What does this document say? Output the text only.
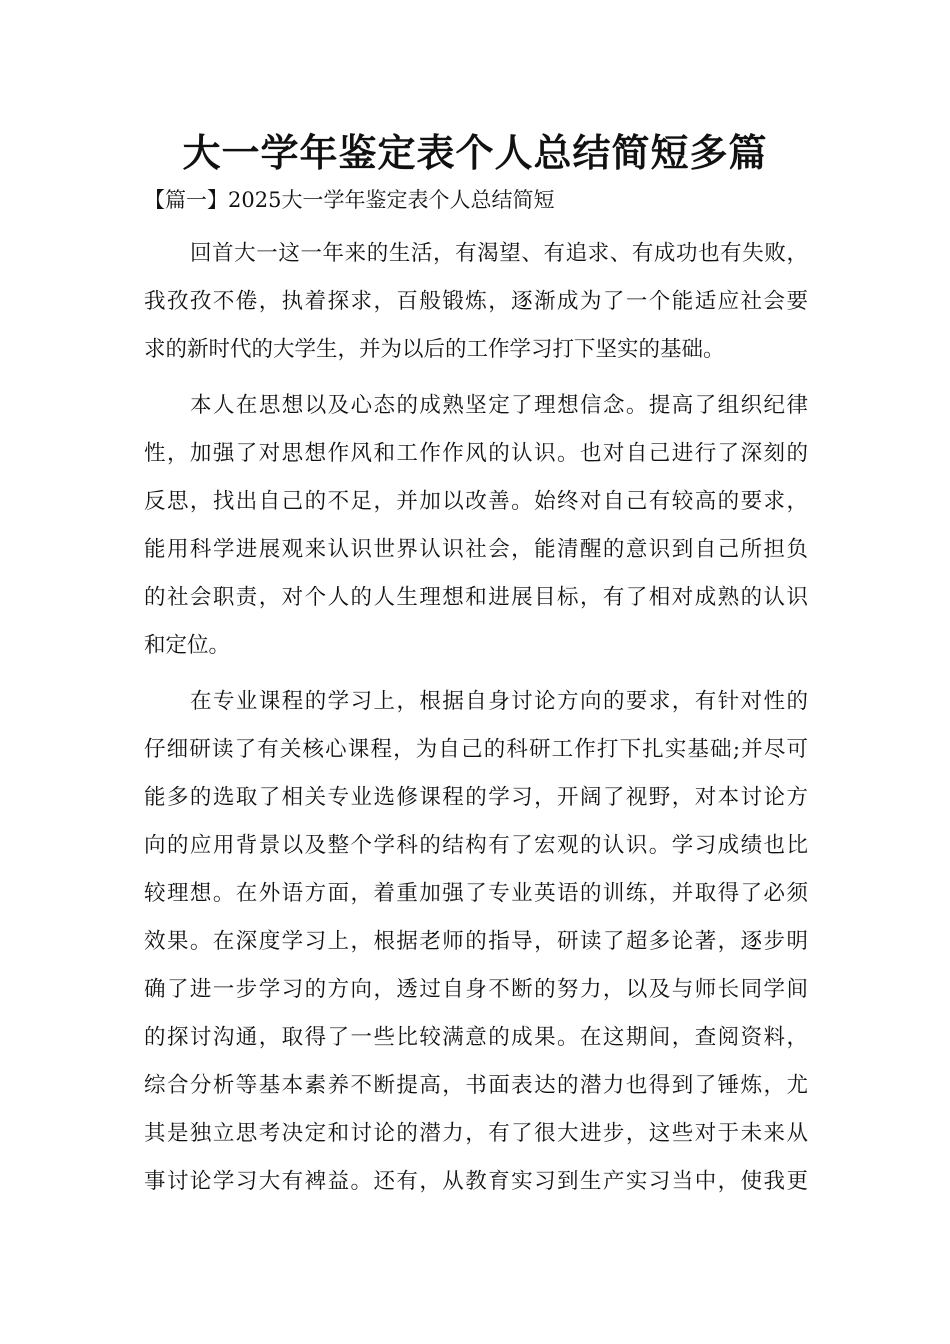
大一学年鉴定表个人总结简短多篇

【篇一】2025大一学年鉴定表个人总结简短

回首大一这一年来的生活，有渴望、有追求、有成功也有失败，
我孜孜不倦，执着探求，百般锻炼，逐渐成为了一个能适应社会要
求的新时代的大学生，并为以后的工作学习打下坚实的基础。

本人在思想以及心态的成熟坚定了理想信念。提高了组织纪律
性，加强了对思想作风和工作作风的认识。也对自己进行了深刻的
反思，找出自己的不足，并加以改善。始终对自己有较高的要求，
能用科学进展观来认识世界认识社会，能清醒的意识到自己所担负
的社会职责，对个人的人生理想和进展目标，有了相对成熟的认识
和定位。

在专业课程的学习上，根据自身讨论方向的要求，有针对性的
仔细研读了有关核心课程，为自己的科研工作打下扎实基础;并尽可
能多的选取了相关专业选修课程的学习，开阔了视野，对本讨论方
向的应用背景以及整个学科的结构有了宏观的认识。学习成绩也比
较理想。在外语方面，着重加强了专业英语的训练，并取得了必须
效果。在深度学习上，根据老师的指导，研读了超多论著，逐步明
确了进一步学习的方向，透过自身不断的努力，以及与师长同学间
的探讨沟通，取得了一些比较满意的成果。在这期间，查阅资料，
综合分析等基本素养不断提高，书面表达的潜力也得到了锤炼，尤
其是独立思考决定和讨论的潜力，有了很大进步，这些对于未来从
事讨论学习大有裨益。还有，从教育实习到生产实习当中，使我更
